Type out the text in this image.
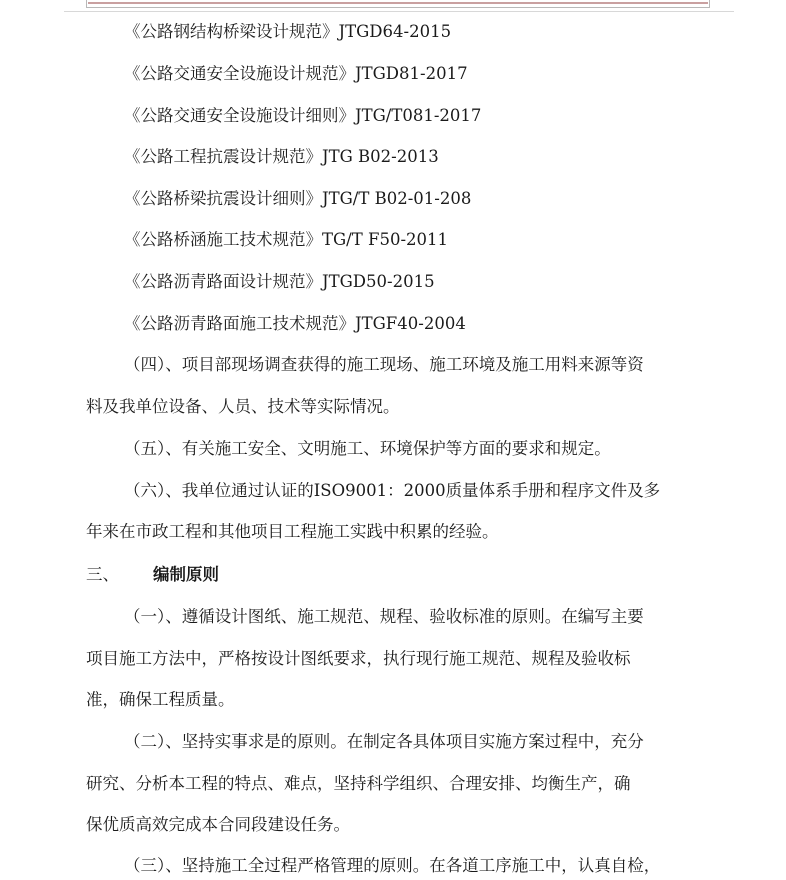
《公路钢结构桥梁设计规范》JTGD64-2015
《公路交通安全设施设计规范》JTGD81-2017
《公路交通安全设施设计细则》JTG/T081-2017
《公路工程抗震设计规范》JTG B02-2013
《公路桥梁抗震设计细则》JTG/T B02-01-208
《公路桥涵施工技术规范》TG/T F50-2011
《公路沥青路面设计规范》JTGD50-2015
《公路沥青路面施工技术规范》JTGF40-2004
（四）、项目部现场调查获得的施工现场、施工环境及施工用料来源等资
料及我单位设备、人员、技术等实际情况。
（五）、有关施工安全、文明施工、环境保护等方面的要求和规定。
（六）、我单位通过认证的ISO9001：2000质量体系手册和程序文件及多
年来在市政工程和其他项目工程施工实践中积累的经验。
三、 编制原则
（一）、遵循设计图纸、施工规范、规程、验收标准的原则。在编写主要
项目施工方法中，严格按设计图纸要求，执行现行施工规范、规程及验收标
准，确保工程质量。
（二）、坚持实事求是的原则。在制定各具体项目实施方案过程中，充分
研究、分析本工程的特点、难点，坚持科学组织、合理安排、均衡生产，确
保优质高效完成本合同段建设任务。
（三）、坚持施工全过程严格管理的原则。在各道工序施工中，认真自检，
